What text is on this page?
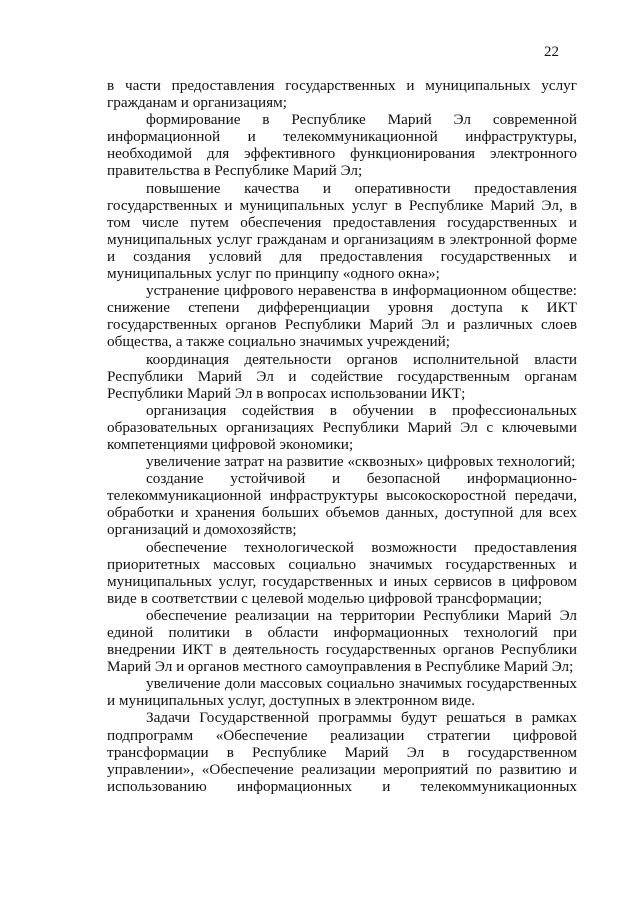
22

в части предоставления государственных и муниципальных услуг гражданам и организациям;

формирование в Республике Марий Эл современной информационной и телекоммуникационной инфраструктуры, необходимой для эффективного функционирования электронного правительства в Республике Марий Эл;

повышение качества и оперативности предоставления государственных и муниципальных услуг в Республике Марий Эл, в том числе путем обеспечения предоставления государственных и муниципальных услуг гражданам и организациям в электронной форме и создания условий для предоставления государственных и муниципальных услуг по принципу «одного окна»;

устранение цифрового неравенства в информационном обществе: снижение степени дифференциации уровня доступа к ИКТ государственных органов Республики Марий Эл и различных слоев общества, а также социально значимых учреждений;

координация деятельности органов исполнительной власти Республики Марий Эл и содействие государственным органам Республики Марий Эл в вопросах использовании ИКТ;

организация содействия в обучении в профессиональных образовательных организациях Республики Марий Эл с ключевыми компетенциями цифровой экономики;

увеличение затрат на развитие «сквозных» цифровых технологий;

создание устойчивой и безопасной информационно-телекоммуникационной инфраструктуры высокоскоростной передачи, обработки и хранения больших объемов данных, доступной для всех организаций и домохозяйств;

обеспечение технологической возможности предоставления приоритетных массовых социально значимых государственных и муниципальных услуг, государственных и иных сервисов в цифровом виде в соответствии с целевой моделью цифровой трансформации;

обеспечение реализации на территории Республики Марий Эл единой политики в области информационных технологий при внедрении ИКТ в деятельность государственных органов Республики Марий Эл и органов местного самоуправления в Республике Марий Эл;

увеличение доли массовых социально значимых государственных и муниципальных услуг, доступных в электронном виде.

Задачи Государственной программы будут решаться в рамках подпрограмм «Обеспечение реализации стратегии цифровой трансформации в Республике Марий Эл в государственном управлении», «Обеспечение реализации мероприятий по развитию и использованию информационных и телекоммуникационных
